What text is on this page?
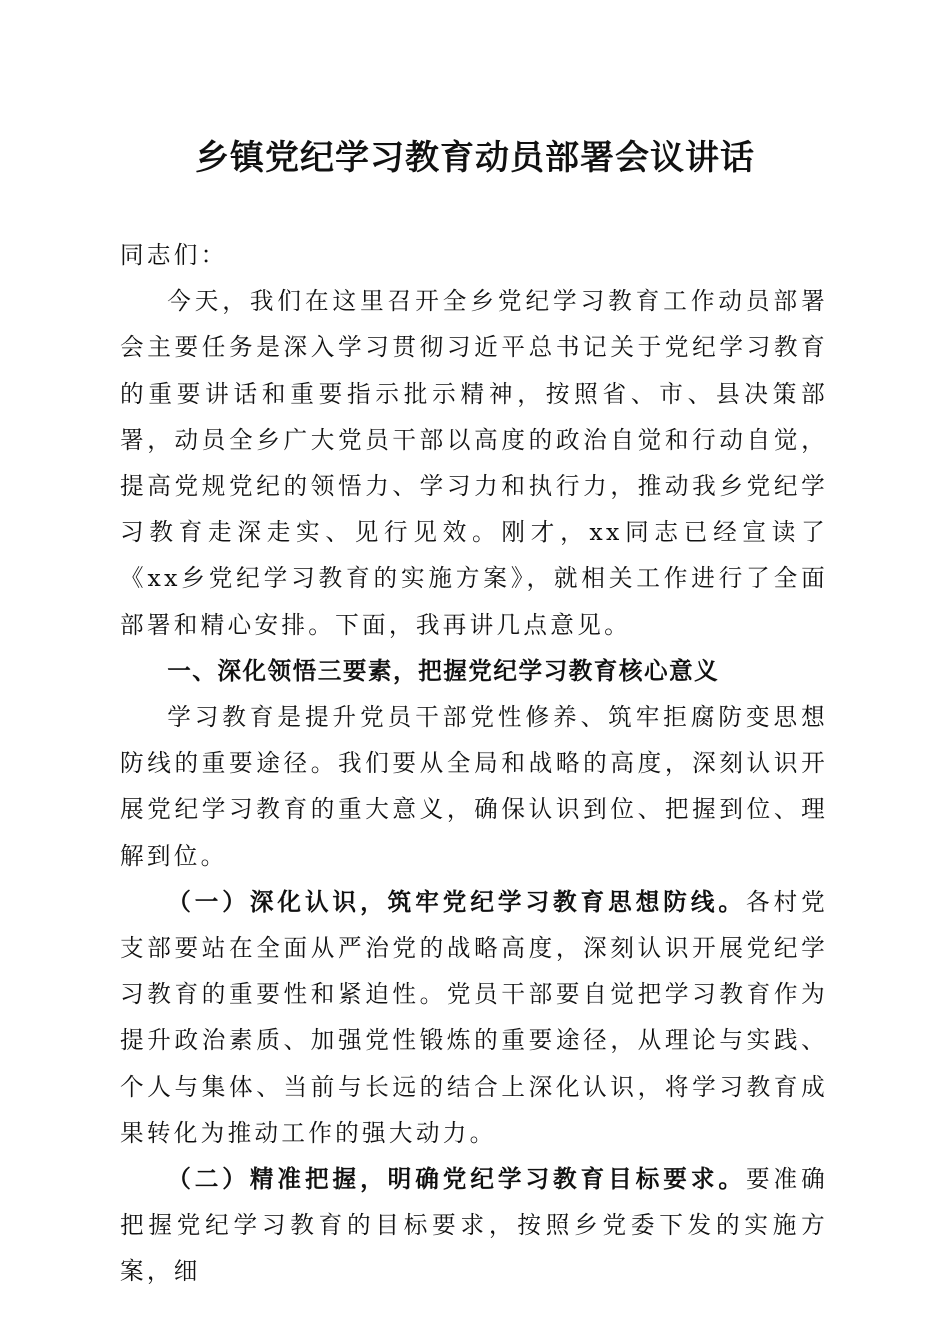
乡镇党纪学习教育动员部署会议讲话

同志们：

今天，我们在这里召开全乡党纪学习教育工作动员部署会主要任务是深入学习贯彻习近平总书记关于党纪学习教育的重要讲话和重要指示批示精神，按照省、市、县决策部署，动员全乡广大党员干部以高度的政治自觉和行动自觉，提高党规党纪的领悟力、学习力和执行力，推动我乡党纪学习教育走深走实、见行见效。刚才，xx同志已经宣读了《xx乡党纪学习教育的实施方案》，就相关工作进行了全面部署和精心安排。下面，我再讲几点意见。

一、深化领悟三要素，把握党纪学习教育核心意义

学习教育是提升党员干部党性修养、筑牢拒腐防变思想防线的重要途径。我们要从全局和战略的高度，深刻认识开展党纪学习教育的重大意义，确保认识到位、把握到位、理解到位。

（一）深化认识，筑牢党纪学习教育思想防线。各村党支部要站在全面从严治党的战略高度，深刻认识开展党纪学习教育的重要性和紧迫性。党员干部要自觉把学习教育作为提升政治素质、加强党性锻炼的重要途径，从理论与实践、个人与集体、当前与长远的结合上深化认识，将学习教育成果转化为推动工作的强大动力。

（二）精准把握，明确党纪学习教育目标要求。要准确把握党纪学习教育的目标要求，按照乡党委下发的实施方案，细
